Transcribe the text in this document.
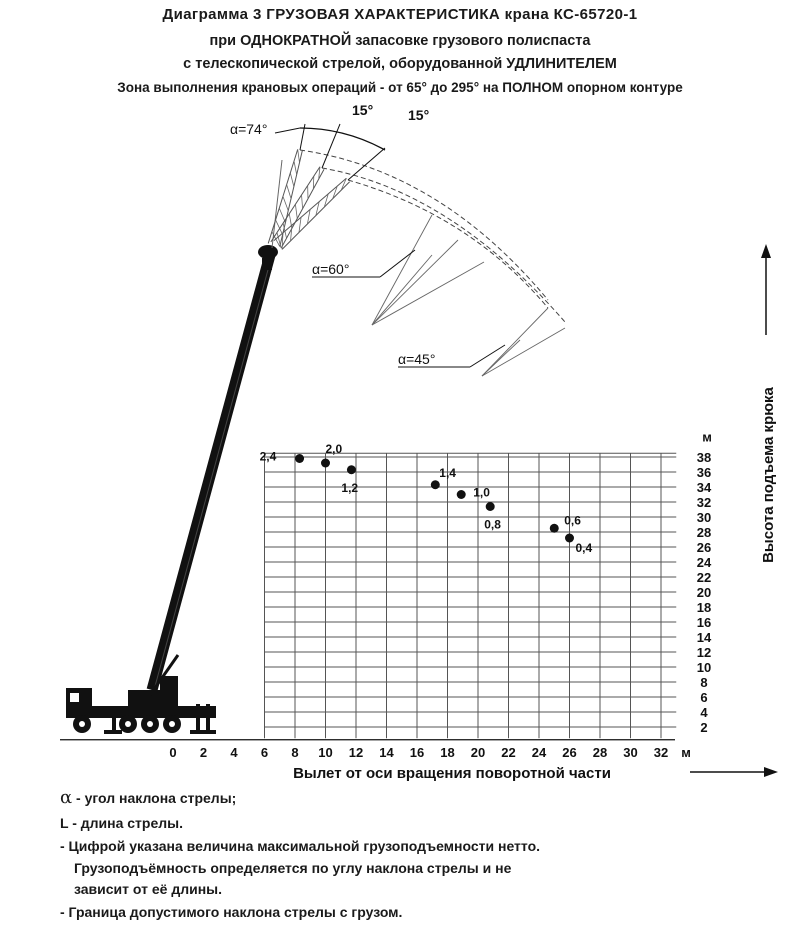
Диаграмма 3 ГРУЗОВАЯ ХАРАКТЕРИСТИКА крана КС-65720-1
при ОДНОКРАТНОЙ запасовке грузового полиспаста
с телескопической стрелой, оборудованной УДЛИНИТЕЛЕМ
Зона выполнения крановых операций - от 65° до 295° на ПОЛНОМ опорном контуре
0 2 4 6 8 10 12 14 16 18 20 22 24 26 28 30 32 м
2
4
6
8
10
12
14
16
18
20
22
24
26
28
30
32
34
36
38
м
Вылет от оси вращения поворотной части
Высота подъема крюка
2,4
2,0
1,2
1,4
1,0
0,8	0,6
0,4
15° 15°
α=74°
α=60°
α=45°
α - угол наклона стрелы;
L - длина стрелы.
- Цифрой указана величина максимальной грузоподъемности нетто.
Грузоподъёмность определяется по углу наклона стрелы и не
зависит от её длины.
- Граница допустимого наклона стрелы с грузом.
